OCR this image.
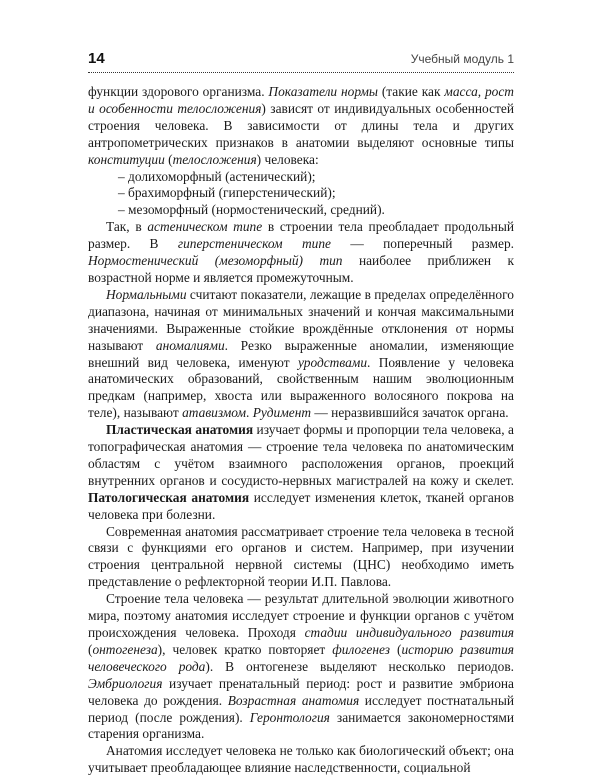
14	Учебный модуль 1

функции здорового организма. Показатели нормы (такие как масса, рост и особенности телосложения) зависят от индивидуальных особенностей строения человека. В зависимости от длины тела и других антропометрических признаков в анатомии выделяют основные типы конституции (телосложения) человека:

– долихоморфный (астенический);
– брахиморфный (гиперстенический);
– мезоморфный (нормостенический, средний).

Так, в астеническом типе в строении тела преобладает продольный размер. В гиперстеническом типе — поперечный размер. Нормостенический (мезоморфный) тип наиболее приближен к возрастной норме и является промежуточным.

Нормальными считают показатели, лежащие в пределах определённого диапазона, начиная от минимальных значений и кончая максимальными значениями. Выраженные стойкие врождённые отклонения от нормы называют аномалиями. Резко выраженные аномалии, изменяющие внешний вид человека, именуют уродствами. Появление у человека анатомических образований, свойственным нашим эволюционным предкам (например, хвоста или выраженного волосяного покрова на теле), называют атавизмом. Рудимент — неразвившийся зачаток органа.

Пластическая анатомия изучает формы и пропорции тела человека, а топографическая анатомия — строение тела человека по анатомическим областям с учётом взаимного расположения органов, проекций внутренних органов и сосудисто-нервных магистралей на кожу и скелет. Патологическая анатомия исследует изменения клеток, тканей органов человека при болезни.

Современная анатомия рассматривает строение тела человека в тесной связи с функциями его органов и систем. Например, при изучении строения центральной нервной системы (ЦНС) необходимо иметь представление о рефлекторной теории И.П. Павлова.

Строение тела человека — результат длительной эволюции животного мира, поэтому анатомия исследует строение и функции органов с учётом происхождения человека. Проходя стадии индивидуального развития (онтогенеза), человек кратко повторяет филогенез (историю развития человеческого рода). В онтогенезе выделяют несколько периодов. Эмбриология изучает пренатальный период: рост и развитие эмбриона человека до рождения. Возрастная анатомия исследует постнатальный период (после рождения). Геронтология занимается закономерностями старения организма.

Анатомия исследует человека не только как биологический объект; она учитывает преобладающее влияние наследственности, социальной
